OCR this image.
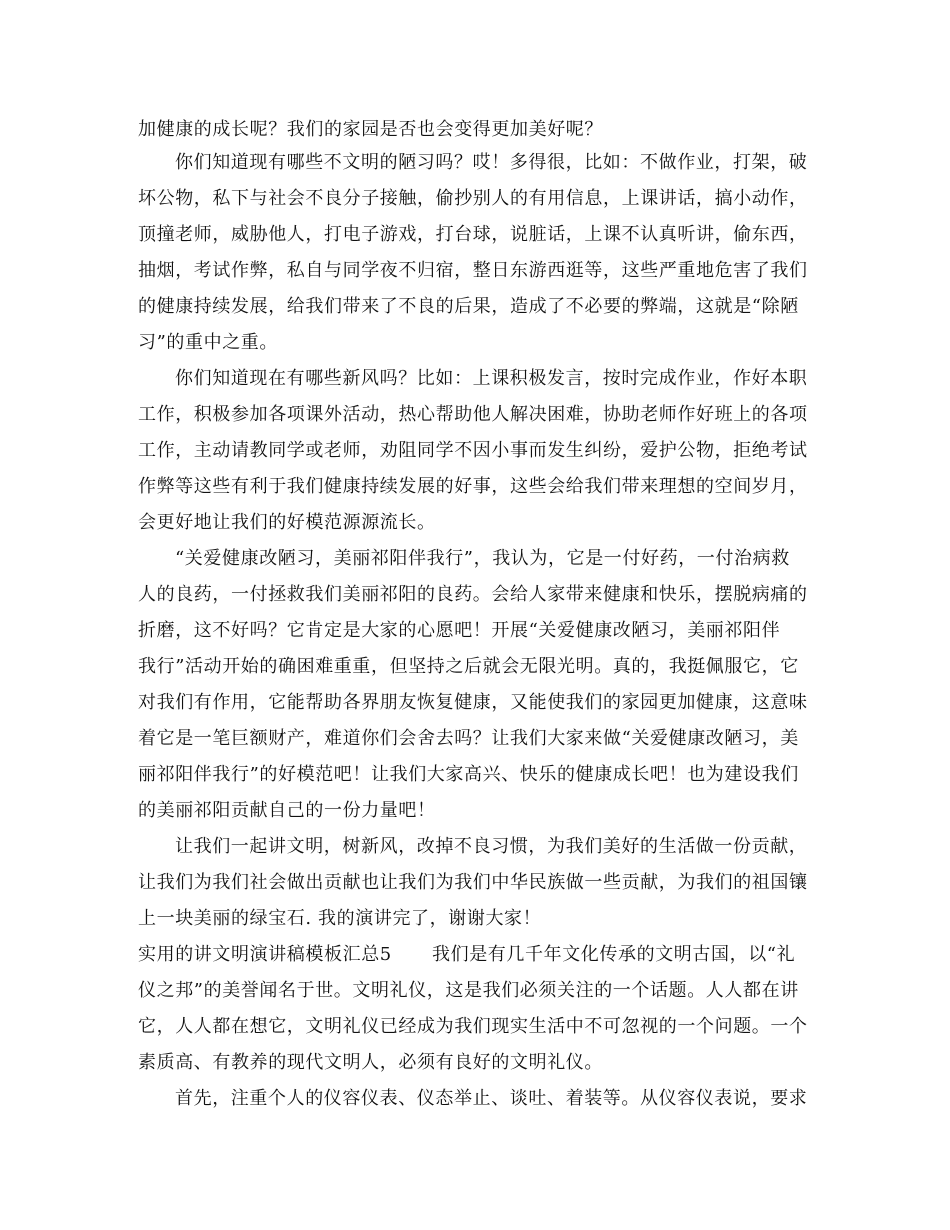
加健康的成长呢？我们的家园是否也会变得更加美好呢？
你们知道现有哪些不文明的陋习吗？哎！多得很，比如：不做作业，打架，破
坏公物，私下与社会不良分子接触，偷抄别人的有用信息，上课讲话，搞小动作，
顶撞老师，威胁他人，打电子游戏，打台球，说脏话，上课不认真听讲，偷东西，
抽烟，考试作弊，私自与同学夜不归宿，整日东游西逛等，这些严重地危害了我们
的健康持续发展，给我们带来了不良的后果，造成了不必要的弊端，这就是“除陋
习”的重中之重。
你们知道现在有哪些新风吗？比如：上课积极发言，按时完成作业，作好本职
工作，积极参加各项课外活动，热心帮助他人解决困难，协助老师作好班上的各项
工作，主动请教同学或老师，劝阻同学不因小事而发生纠纷，爱护公物，拒绝考试
作弊等这些有利于我们健康持续发展的好事，这些会给我们带来理想的空间岁月，
会更好地让我们的好模范源源流长。
“关爱健康改陋习，美丽祁阳伴我行”，我认为，它是一付好药，一付治病救
人的良药，一付拯救我们美丽祁阳的良药。会给人家带来健康和快乐，摆脱病痛的
折磨，这不好吗？它肯定是大家的心愿吧！开展“关爱健康改陋习，美丽祁阳伴
我行”活动开始的确困难重重，但坚持之后就会无限光明。真的，我挺佩服它，它
对我们有作用，它能帮助各界朋友恢复健康，又能使我们的家园更加健康，这意味
着它是一笔巨额财产，难道你们会舍去吗？让我们大家来做“关爱健康改陋习，美
丽祁阳伴我行”的好模范吧！让我们大家高兴、快乐的健康成长吧！也为建设我们
的美丽祁阳贡献自己的一份力量吧！
让我们一起讲文明，树新风，改掉不良习惯，为我们美好的生活做一份贡献，
让我们为我们社会做出贡献也让我们为我们中华民族做一些贡献，为我们的祖国镶
上一块美丽的绿宝石. 我的演讲完了，谢谢大家！

实用的讲文明演讲稿模板汇总5

我们是有几千年文化传承的文明古国，以“礼

仪之邦”的美誉闻名于世。文明礼仪，这是我们必须关注的一个话题。人人都在讲
它，人人都在想它，文明礼仪已经成为我们现实生活中不可忽视的一个问题。一个
素质高、有教养的现代文明人，必须有良好的文明礼仪。
首先，注重个人的仪容仪表、仪态举止、谈吐、着装等。从仪容仪表说，要求
